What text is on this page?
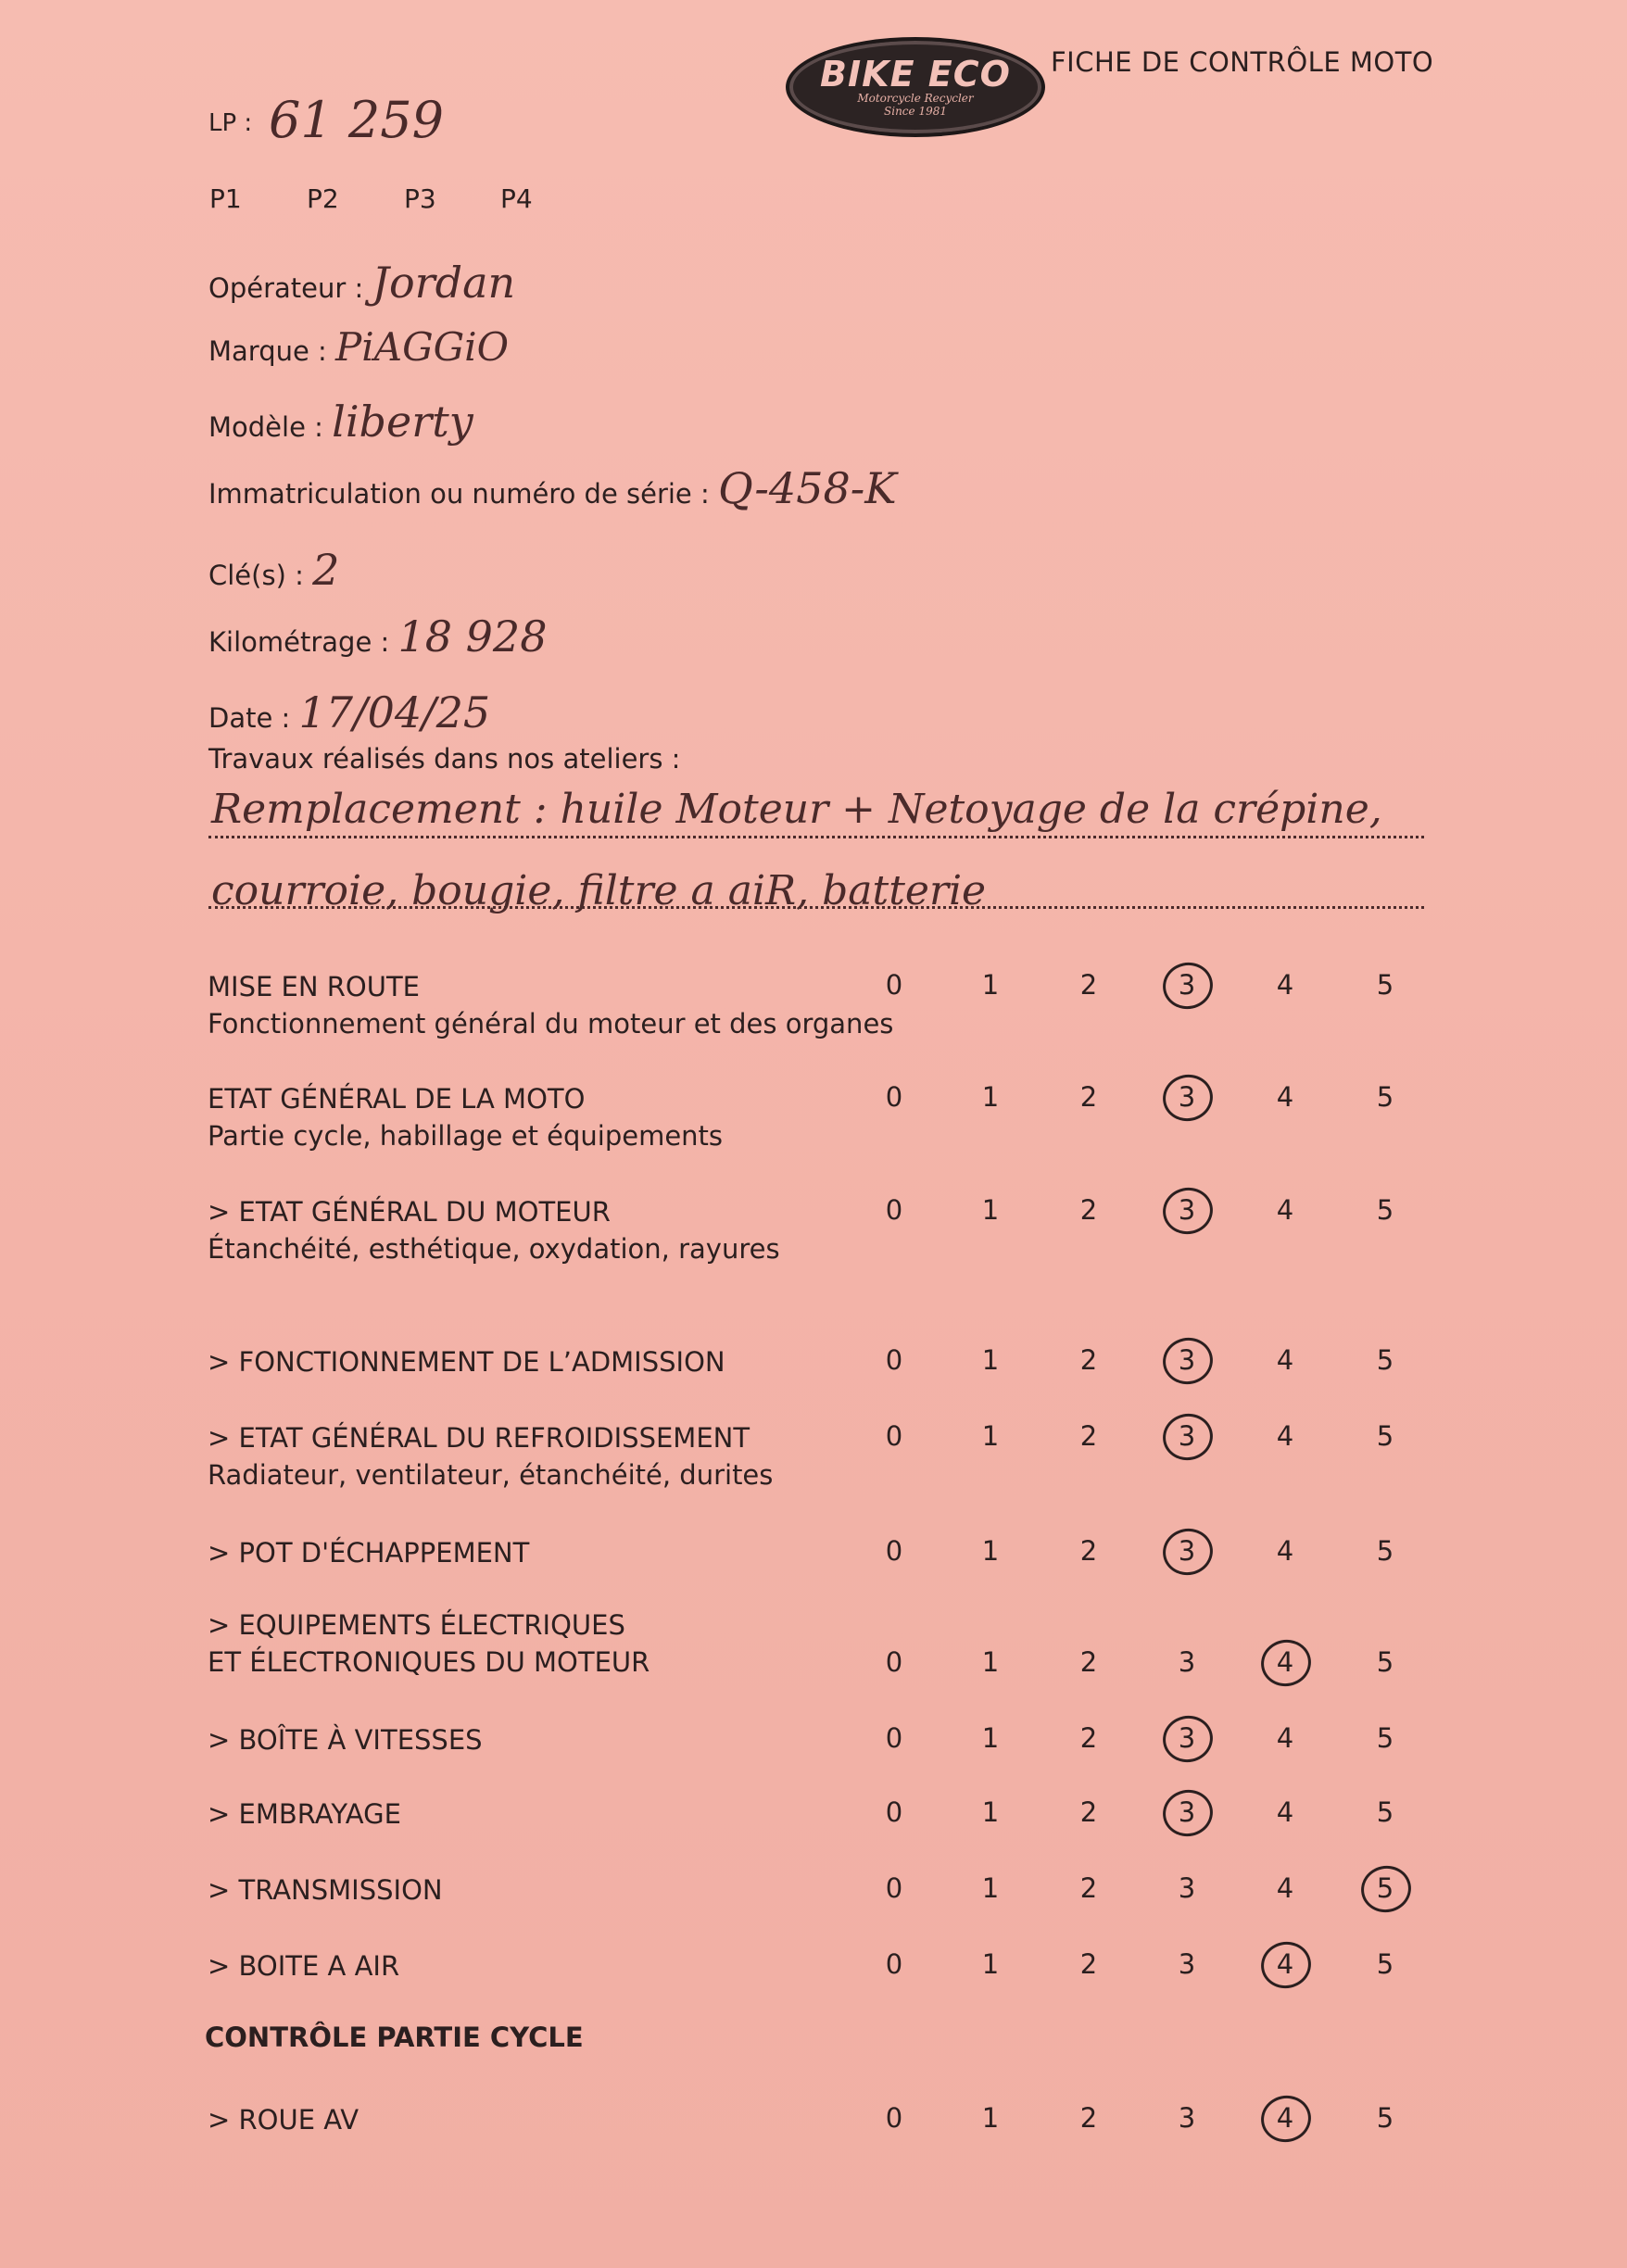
BIKE ECO
Motorcycle Recycler
Since 1981
FICHE DE CONTRÔLE MOTO
LP : 61 259
P1	P2	P3 P4
Opérateur : Jordan
Marque : PiAGGiO
Modèle : liberty
Immatriculation ou numéro de série : Q-458-K
Clé(s) : 2
Kilométrage : 18 928
Date : 17/04/25
Travaux réalisés dans nos ateliers :
Remplacement : huile Moteur + Netoyage de la crépine,
courroie, bougie, filtre a aiR, batterie
MISE EN ROUTE
Fonctionnement général du moteur et des organes
0	1	2	3	4	5
ETAT GÉNÉRAL DE LA MOTO
Partie cycle, habillage et équipements
0	1	2	3	4	5
> ETAT GÉNÉRAL DU MOTEUR
Étanchéité, esthétique, oxydation, rayures
0	1	2	3	4	5
> FONCTIONNEMENT DE L’ADMISSION	0	1	2	3	4	5
> ETAT GÉNÉRAL DU REFROIDISSEMENT
Radiateur, ventilateur, étanchéité, durites
0	1	2	3	4	5
> POT D'ÉCHAPPEMENT	0	1	2	3	4	5
> EQUIPEMENTS ÉLECTRIQUES
ET ÉLECTRONIQUES DU MOTEUR	0	1	2	3	4	5
> BOÎTE À VITESSES	0	1	2	3	4	5
> EMBRAYAGE	0	1	2	3	4	5
> TRANSMISSION	0	1	2	3	4	5
> BOITE A AIR	0	1	2	3	4	5
CONTRÔLE PARTIE CYCLE
> ROUE AV	0	1	2	3	4	5
